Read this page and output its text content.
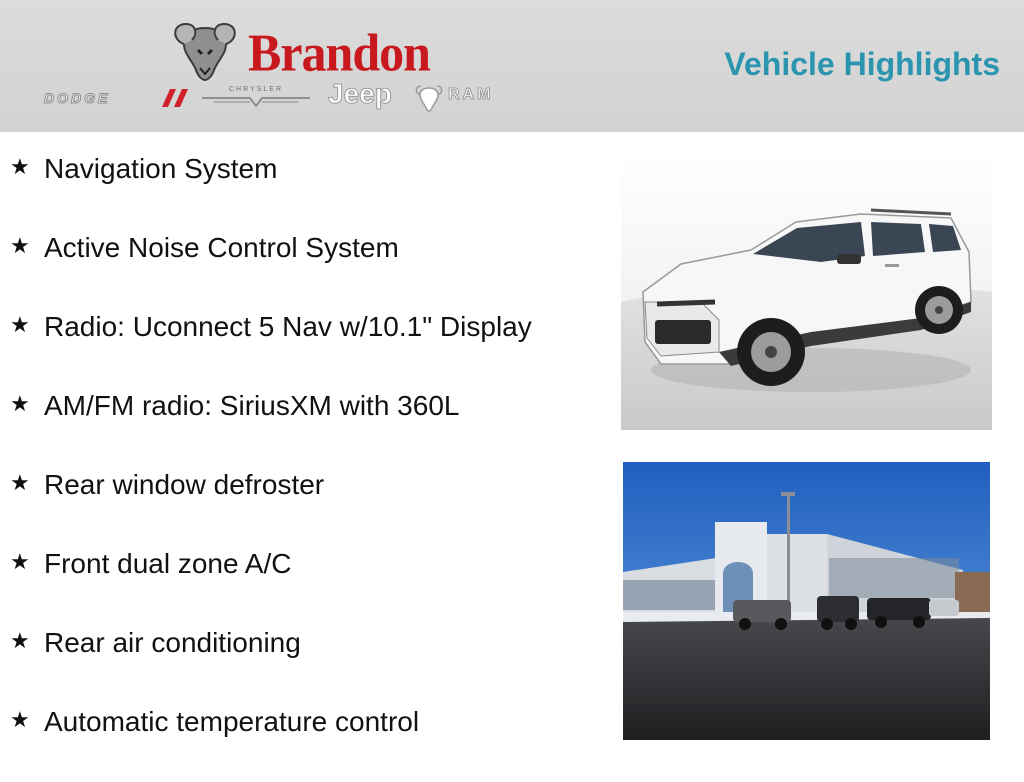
Brandon
DODGE
CHRYSLER	Jeep	RAM
Vehicle Highlights
★ Navigation System
★ Active Noise Control System
★ Radio: Uconnect 5 Nav w/10.1" Display
★ AM/FM radio: SiriusXM with 360L
★ Rear window defroster
★ Front dual zone A/C
★ Rear air conditioning
★ Automatic temperature control
